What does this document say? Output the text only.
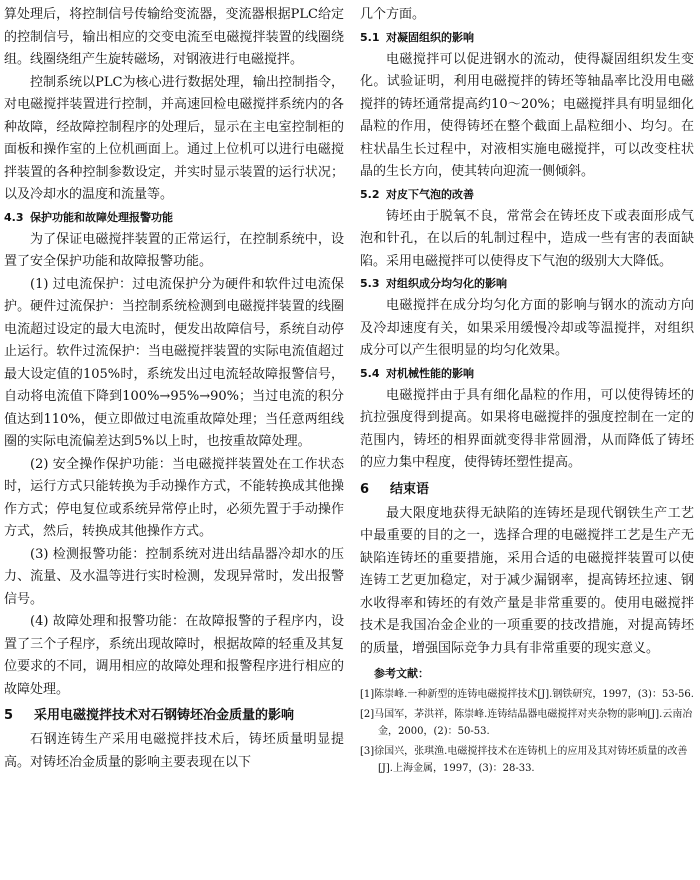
算处理后，将控制信号传输给变流器，变流器根据PLC给定的控制信号，输出相应的交变电流至电磁搅拌装置的线圈绕组。线圈绕组产生旋转磁场，对钢液进行电磁搅拌。

控制系统以PLC为核心进行数据处理，输出控制指令，对电磁搅拌装置进行控制，并高速回检电磁搅拌系统内的各种故障，经故障控制程序的处理后，显示在主电室控制柜的面板和操作室的上位机画面上。通过上位机可以进行电磁搅拌装置的各种控制参数设定，并实时显示装置的运行状况；以及冷却水的温度和流量等。

4.3 保护功能和故障处理报警功能

为了保证电磁搅拌装置的正常运行，在控制系统中，设置了安全保护功能和故障报警功能。

(1) 过电流保护：过电流保护分为硬件和软件过电流保护。硬件过流保护：当控制系统检测到电磁搅拌装置的线圈电流超过设定的最大电流时，便发出故障信号，系统自动停止运行。软件过流保护：当电磁搅拌装置的实际电流值超过最大设定值的105%时，系统发出过电流轻故障报警信号，自动将电流值下降到100%→95%→90%；当过电流的积分值达到110%，便立即做过电流重故障处理；当任意两组线圈的实际电流偏差达到5%以上时，也按重故障处理。

(2) 安全操作保护功能：当电磁搅拌装置处在工作状态时，运行方式只能转换为手动操作方式，不能转换成其他操作方式；停电复位或系统异常停止时，必须先置于手动操作方式，然后，转换成其他操作方式。

(3) 检测报警功能：控制系统对进出结晶器冷却水的压力、流量、及水温等进行实时检测，发现异常时，发出报警信号。

(4) 故障处理和报警功能：在故障报警的子程序内，设置了三个子程序，系统出现故障时，根据故障的轻重及其复位要求的不同，调用相应的故障处理和报警程序进行相应的故障处理。

5 采用电磁搅拌技术对石钢铸坯冶金质量的影响

石钢连铸生产采用电磁搅拌技术后，铸坯质量明显提高。对铸坯冶金质量的影响主要表现在以下

几个方面。

5.1 对凝固组织的影响

电磁搅拌可以促进钢水的流动，使得凝固组织发生变化。试验证明，利用电磁搅拌的铸坯等轴晶率比没用电磁搅拌的铸坯通常提高约10～20%；电磁搅拌具有明显细化晶粒的作用，使得铸坯在整个截面上晶粒细小、均匀。在柱状晶生长过程中，对液相实施电磁搅拌，可以改变柱状晶的生长方向，使其转向迎流一侧倾斜。

5.2 对皮下气泡的改善

铸坯由于脱氧不良，常常会在铸坯皮下或表面形成气泡和针孔，在以后的轧制过程中，造成一些有害的表面缺陷。采用电磁搅拌可以使得皮下气泡的级别大大降低。

5.3 对组织成分均匀化的影响

电磁搅拌在成分均匀化方面的影响与钢水的流动方向及冷却速度有关，如果采用缓慢冷却或等温搅拌，对组织成分可以产生很明显的均匀化效果。

5.4 对机械性能的影响

电磁搅拌由于具有细化晶粒的作用，可以使得铸坯的抗拉强度得到提高。如果将电磁搅拌的强度控制在一定的范围内，铸坯的相界面就变得非常圆滑，从而降低了铸坯的应力集中程度，使得铸坯塑性提高。

6 结束语

最大限度地获得无缺陷的连铸坯是现代钢铁生产工艺中最重要的目的之一，选择合理的电磁搅拌工艺是生产无缺陷连铸坯的重要措施，采用合适的电磁搅拌装置可以使连铸工艺更加稳定，对于减少漏钢率，提高铸坯拉速、钢水收得率和铸坯的有效产量是非常重要的。使用电磁搅拌技术是我国冶金企业的一项重要的技改措施，对提高铸坯的质量，增强国际竞争力具有非常重要的现实意义。

参考文献：

[1]陈崇峰.一种新型的连铸电磁搅拌技术[J].钢铁研究，1997，(3)：53-56.

[2]马国军，茅洪祥，陈崇峰.连铸结晶器电磁搅拌对夹杂物的影响[J].云南冶金，2000，(2)：50-53.

[3]徐国兴，张琪渔.电磁搅拌技术在连铸机上的应用及其对铸坯质量的改善[J].上海金属，1997，(3)：28-33.
